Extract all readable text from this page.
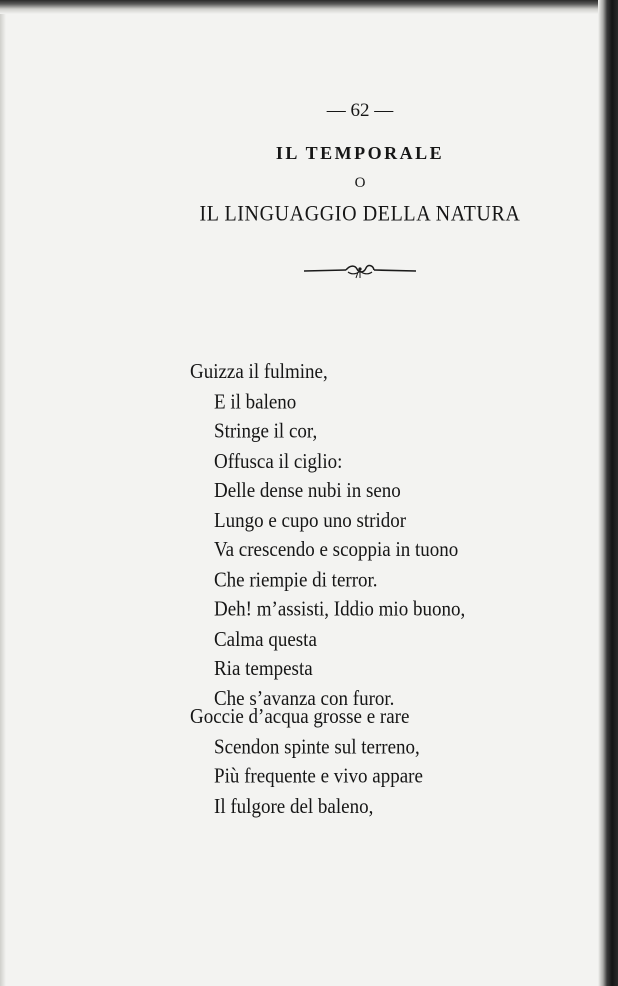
— 62 —
IL TEMPORALE
O
IL LINGUAGGIO DELLA NATURA
Guizza il fulmine,
E il baleno
Stringe il cor,
Offusca il ciglio:
Delle dense nubi in seno
Lungo e cupo uno stridor
Va crescendo e scoppia in tuono
Che riempie di terror.
Deh! m’assisti, Iddio mio buono,
Calma questa
Ria tempesta
Che s’avanza con furor.
Goccie d’acqua grosse e rare
Scendon spinte sul terreno,
Più frequente e vivo appare
Il fulgore del baleno,
